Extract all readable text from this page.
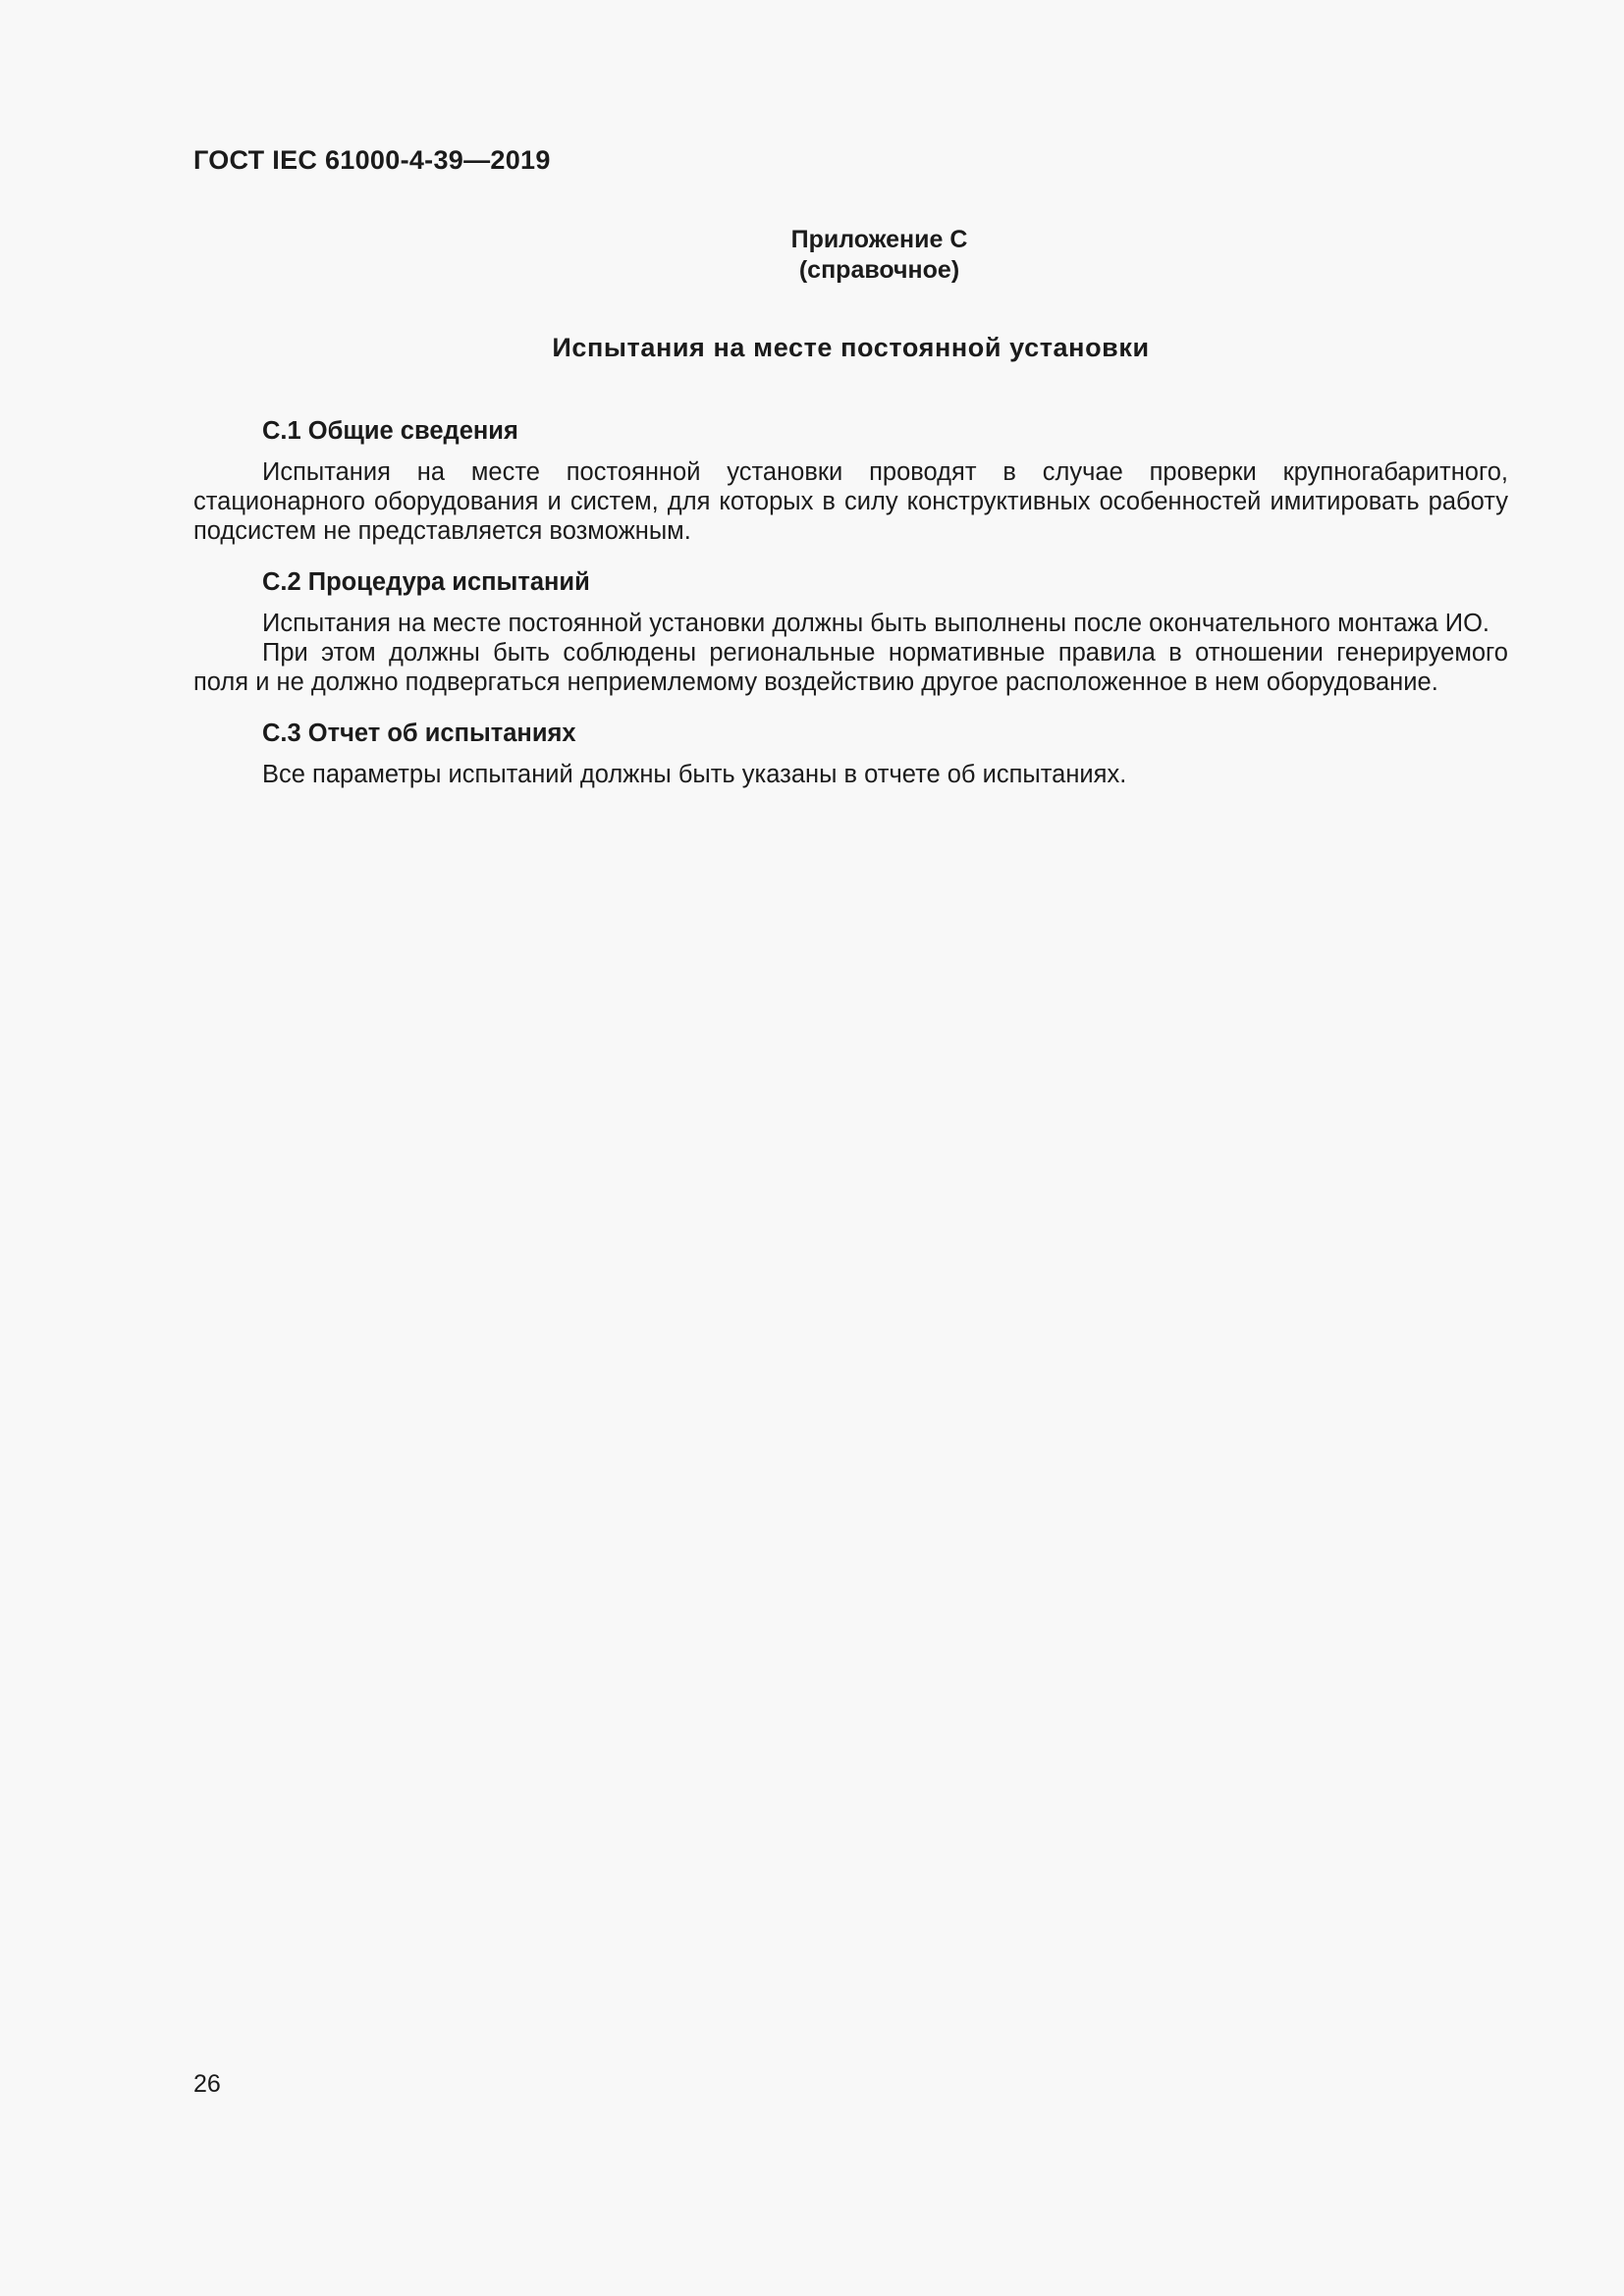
ГОСТ IEC 61000-4-39—2019
Приложение С
(справочное)
Испытания на месте постоянной установки

С.1 Общие сведения

Испытания на месте постоянной установки проводят в случае проверки крупногабаритного, стационарного оборудования и систем, для которых в силу конструктивных особенностей имитировать работу подсистем не представляется возможным.

С.2 Процедура испытаний

Испытания на месте постоянной установки должны быть выполнены после окончательного монтажа ИО.

При этом должны быть соблюдены региональные нормативные правила в отношении генерируемого поля и не должно подвергаться неприемлемому воздействию другое расположенное в нем оборудование.

С.3 Отчет об испытаниях

Все параметры испытаний должны быть указаны в отчете об испытаниях.

26
